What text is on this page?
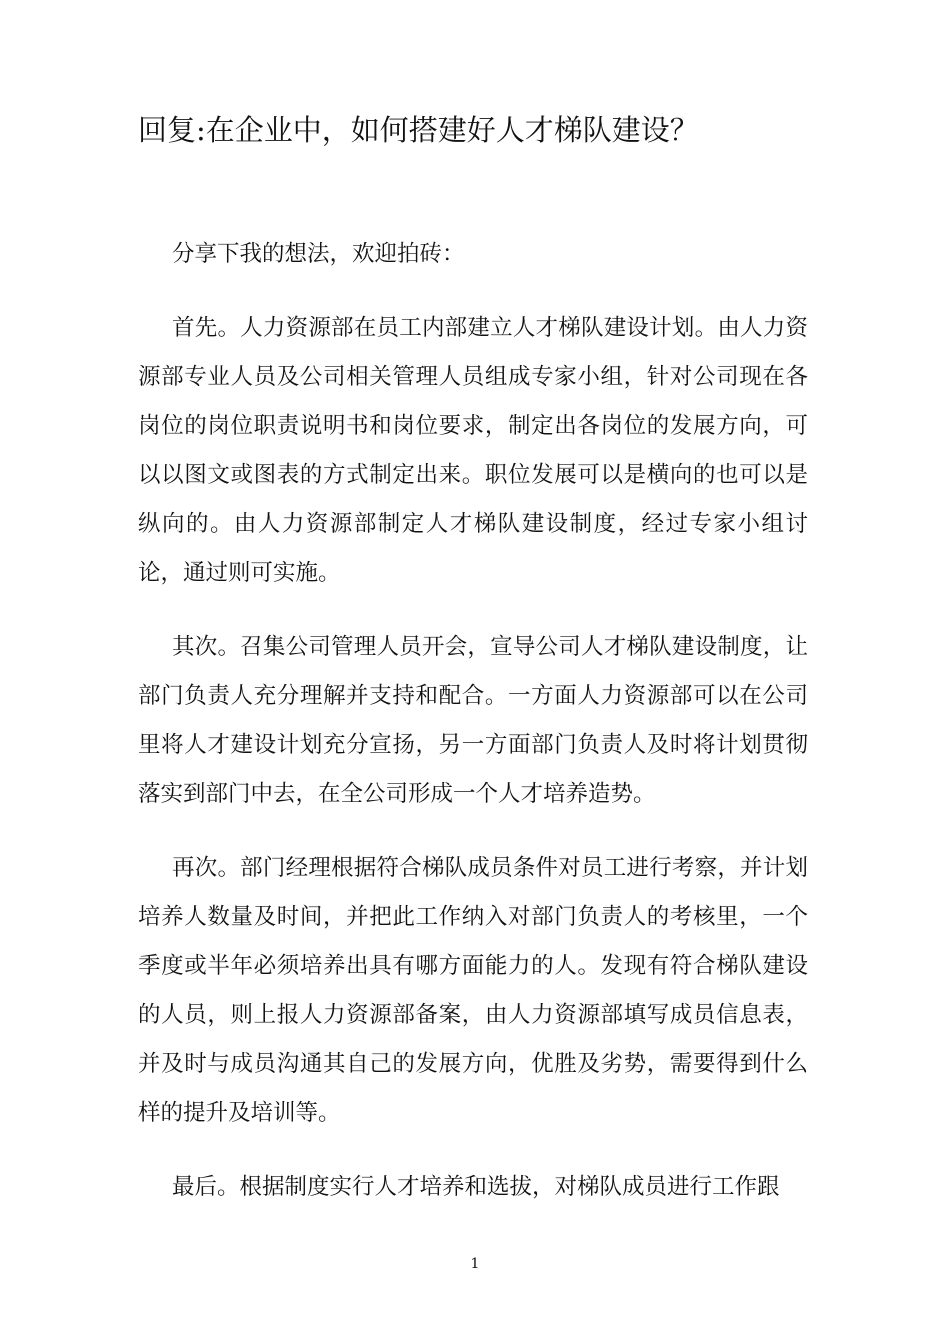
回复:在企业中，如何搭建好人才梯队建设？

分享下我的想法，欢迎拍砖：

首先。人力资源部在员工内部建立人才梯队建设计划。由人力资源部专业人员及公司相关管理人员组成专家小组，针对公司现在各岗位的岗位职责说明书和岗位要求，制定出各岗位的发展方向，可以以图文或图表的方式制定出来。职位发展可以是横向的也可以是纵向的。由人力资源部制定人才梯队建设制度，经过专家小组讨论，通过则可实施。

其次。召集公司管理人员开会，宣导公司人才梯队建设制度，让部门负责人充分理解并支持和配合。一方面人力资源部可以在公司里将人才建设计划充分宣扬，另一方面部门负责人及时将计划贯彻落实到部门中去，在全公司形成一个人才培养造势。

再次。部门经理根据符合梯队成员条件对员工进行考察，并计划培养人数量及时间，并把此工作纳入对部门负责人的考核里，一个季度或半年必须培养出具有哪方面能力的人。发现有符合梯队建设的人员，则上报人力资源部备案，由人力资源部填写成员信息表，并及时与成员沟通其自己的发展方向，优胜及劣势，需要得到什么样的提升及培训等。

最后。根据制度实行人才培养和选拔，对梯队成员进行工作跟

1
